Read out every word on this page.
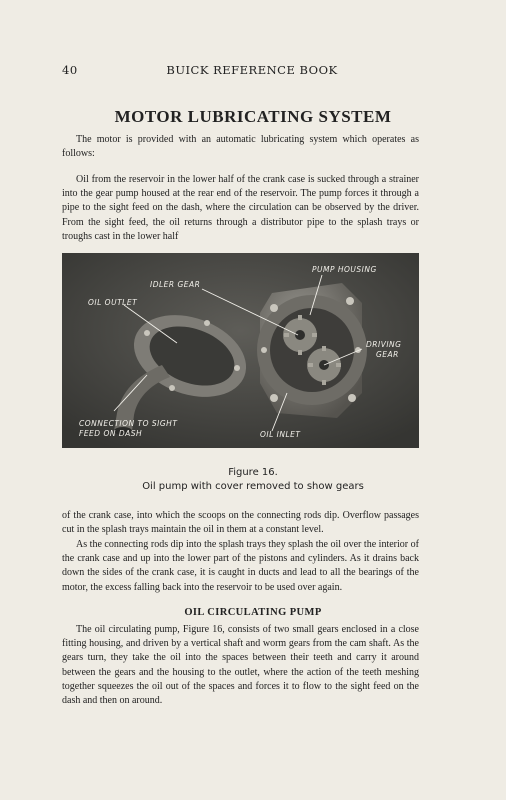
40	BUICK REFERENCE BOOK
MOTOR LUBRICATING SYSTEM

The motor is provided with an automatic lubricating system which operates as follows:

Oil from the reservoir in the lower half of the crank case is sucked through a strainer into the gear pump housed at the rear end of the reservoir. The pump forces it through a pipe to the sight feed on the dash, where the circulation can be observed by the driver. From the sight feed, the oil returns through a distributor pipe to the splash trays or troughs cast in the lower half

IDLER GEAR
PUMP HOUSING
OIL OUTLET
DRIVING
GEAR
CONNECTION TO SIGHT
FEED ON DASH	OIL INLET
Figure 16.
Oil pump with cover removed to show gears

of the crank case, into which the scoops on the connecting rods dip. Overflow passages cut in the splash trays maintain the oil in them at a constant level.

As the connecting rods dip into the splash trays they splash the oil over the interior of the crank case and up into the lower part of the pistons and cylinders. As it drains back down the sides of the crank case, it is caught in ducts and lead to all the bearings of the motor, the excess falling back into the reservoir to be used over again.

OIL CIRCULATING PUMP

The oil circulating pump, Figure 16, consists of two small gears enclosed in a close fitting housing, and driven by a vertical shaft and worm gears from the cam shaft. As the gears turn, they take the oil into the spaces between their teeth and carry it around between the gears and the housing to the outlet, where the action of the teeth meshing together squeezes the oil out of the spaces and forces it to flow to the sight feed on the dash and then on around.
